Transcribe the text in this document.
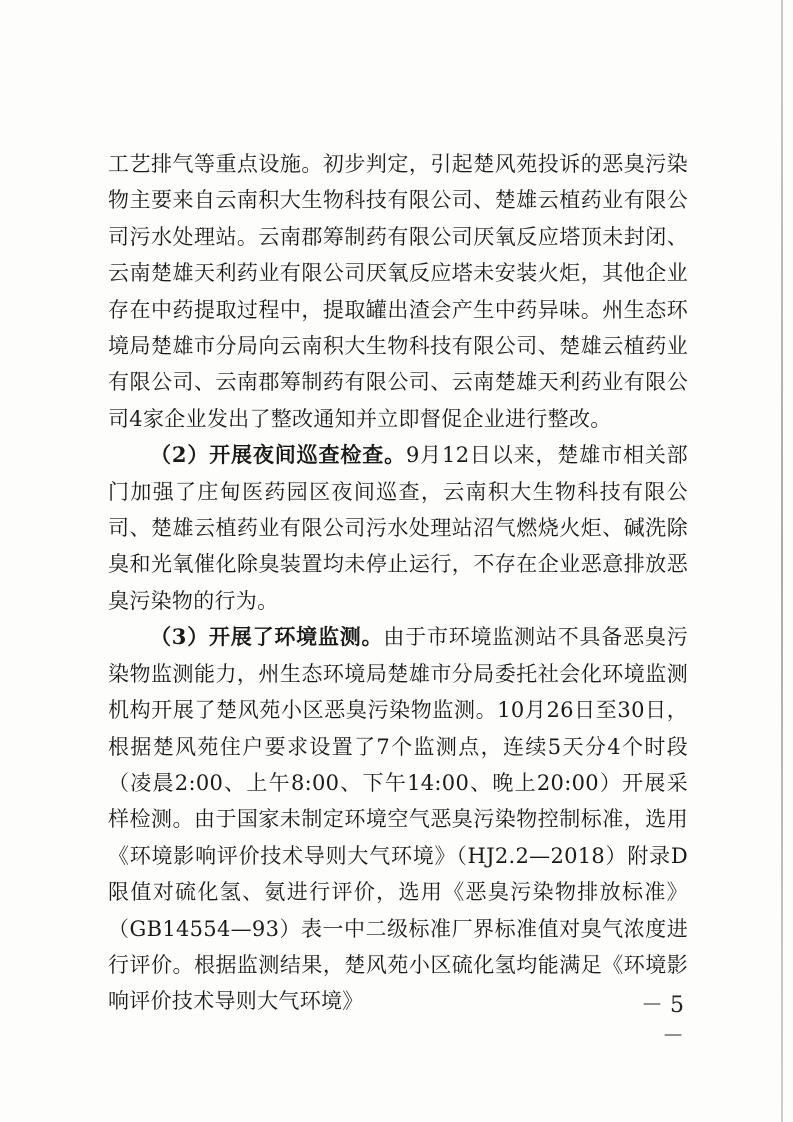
工艺排气等重点设施。初步判定，引起楚风苑投诉的恶臭污染物主要来自云南积大生物科技有限公司、楚雄云植药业有限公司污水处理站。云南郡筹制药有限公司厌氧反应塔顶未封闭、云南楚雄天利药业有限公司厌氧反应塔未安装火炬，其他企业存在中药提取过程中，提取罐出渣会产生中药异味。州生态环境局楚雄市分局向云南积大生物科技有限公司、楚雄云植药业有限公司、云南郡筹制药有限公司、云南楚雄天利药业有限公司4家企业发出了整改通知并立即督促企业进行整改。

（2）开展夜间巡查检查。9月12日以来，楚雄市相关部门加强了庄甸医药园区夜间巡查，云南积大生物科技有限公司、楚雄云植药业有限公司污水处理站沼气燃烧火炬、碱洗除臭和光氧催化除臭装置均未停止运行，不存在企业恶意排放恶臭污染物的行为。

（3）开展了环境监测。由于市环境监测站不具备恶臭污染物监测能力，州生态环境局楚雄市分局委托社会化环境监测机构开展了楚风苑小区恶臭污染物监测。10月26日至30日，根据楚风苑住户要求设置了7个监测点，连续5天分4个时段（凌晨2:00、上午8:00、下午14:00、晚上20:00）开展采样检测。由于国家未制定环境空气恶臭污染物控制标准，选用《环境影响评价技术导则大气环境》（HJ2.2—2018）附录D限值对硫化氢、氨进行评价，选用《恶臭污染物排放标准》（GB14554—93）表一中二级标准厂界标准值对臭气浓度进行评价。根据监测结果，楚风苑小区硫化氢均能满足《环境影响评价技术导则大气环境》	－ 5 －
